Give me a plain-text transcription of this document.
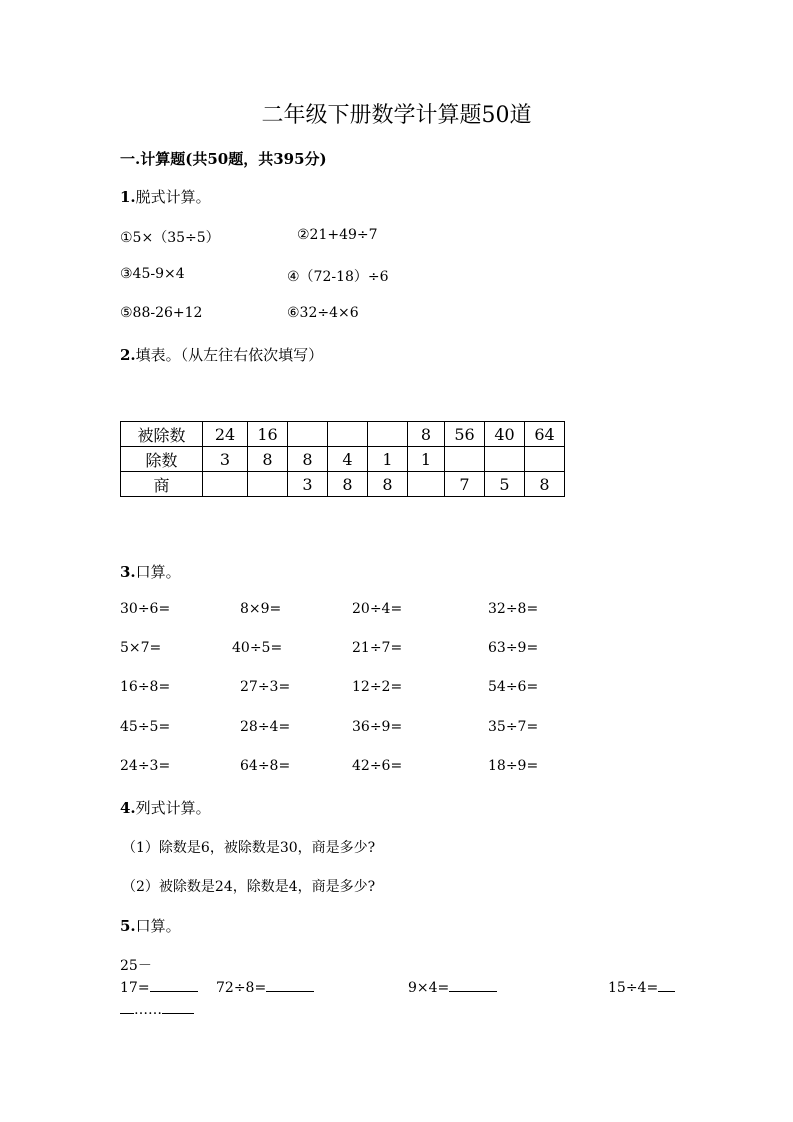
二年级下册数学计算题50道
一.计算题(共50题，共395分)
1.脱式计算。
①5×（35÷5）	②21+49÷7
③45-9×4	④（72-18）÷6
⑤88-26+12	⑥32÷4×6
2.填表。（从左往右依次填写）
被除数	24	16				8	56	40	64
除数	3	8	8	4	1	1			
商			3	8	8		7	5	8
3.口算。
30÷6=	8×9=	20÷4=	32÷8=
5×7=	40÷5=	21÷7=	63÷9=
16÷8=	27÷3=	12÷2=	54÷6=
45÷5=	28÷4=	36÷9=	35÷7=
24÷3=	64÷8=	42÷6=	18÷9=
4.列式计算。
（1）除数是6，被除数是30，商是多少?
（2）被除数是24，除数是4，商是多少?
5.口算。
25－
17=	72÷8=	9×4=	15÷4=
……
